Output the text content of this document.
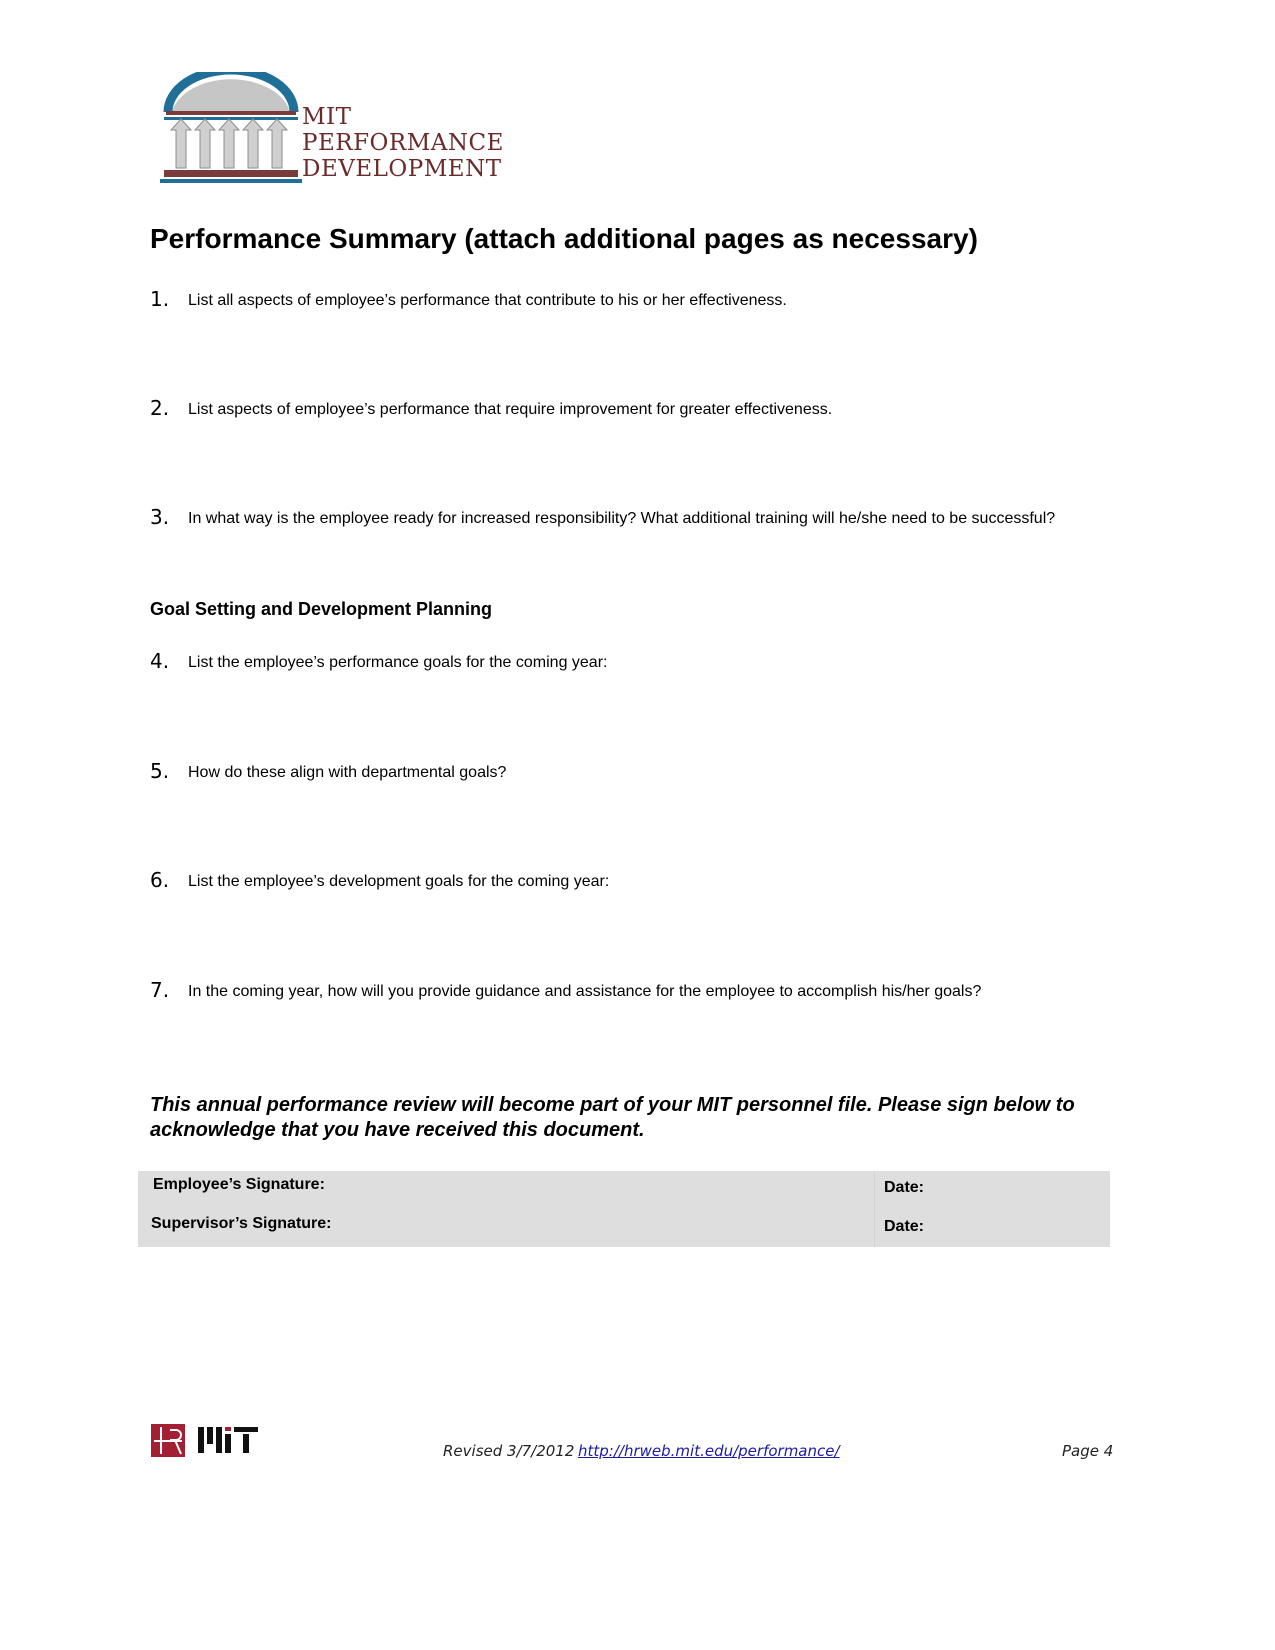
MIT
PERFORMANCE
DEVELOPMENT
Performance Summary (attach additional pages as necessary)
1. List all aspects of employee’s performance that contribute to his or her effectiveness.
2. List aspects of employee’s performance that require improvement for greater effectiveness.
3. In what way is the employee ready for increased responsibility? What additional training will he/she need to be successful?
Goal Setting and Development Planning
4. List the employee’s performance goals for the coming year:
5. How do these align with departmental goals?
6. List the employee’s development goals for the coming year:
7. In the coming year, how will you provide guidance and assistance for the employee to accomplish his/her goals?

This annual performance review will become part of your MIT personnel file. Please sign below to acknowledge that you have received this document.

Employee’s Signature:
Supervisor’s Signature:
Date:
Date:
Revised 3/7/2012 http://hrweb.mit.edu/performance/	Page 4
